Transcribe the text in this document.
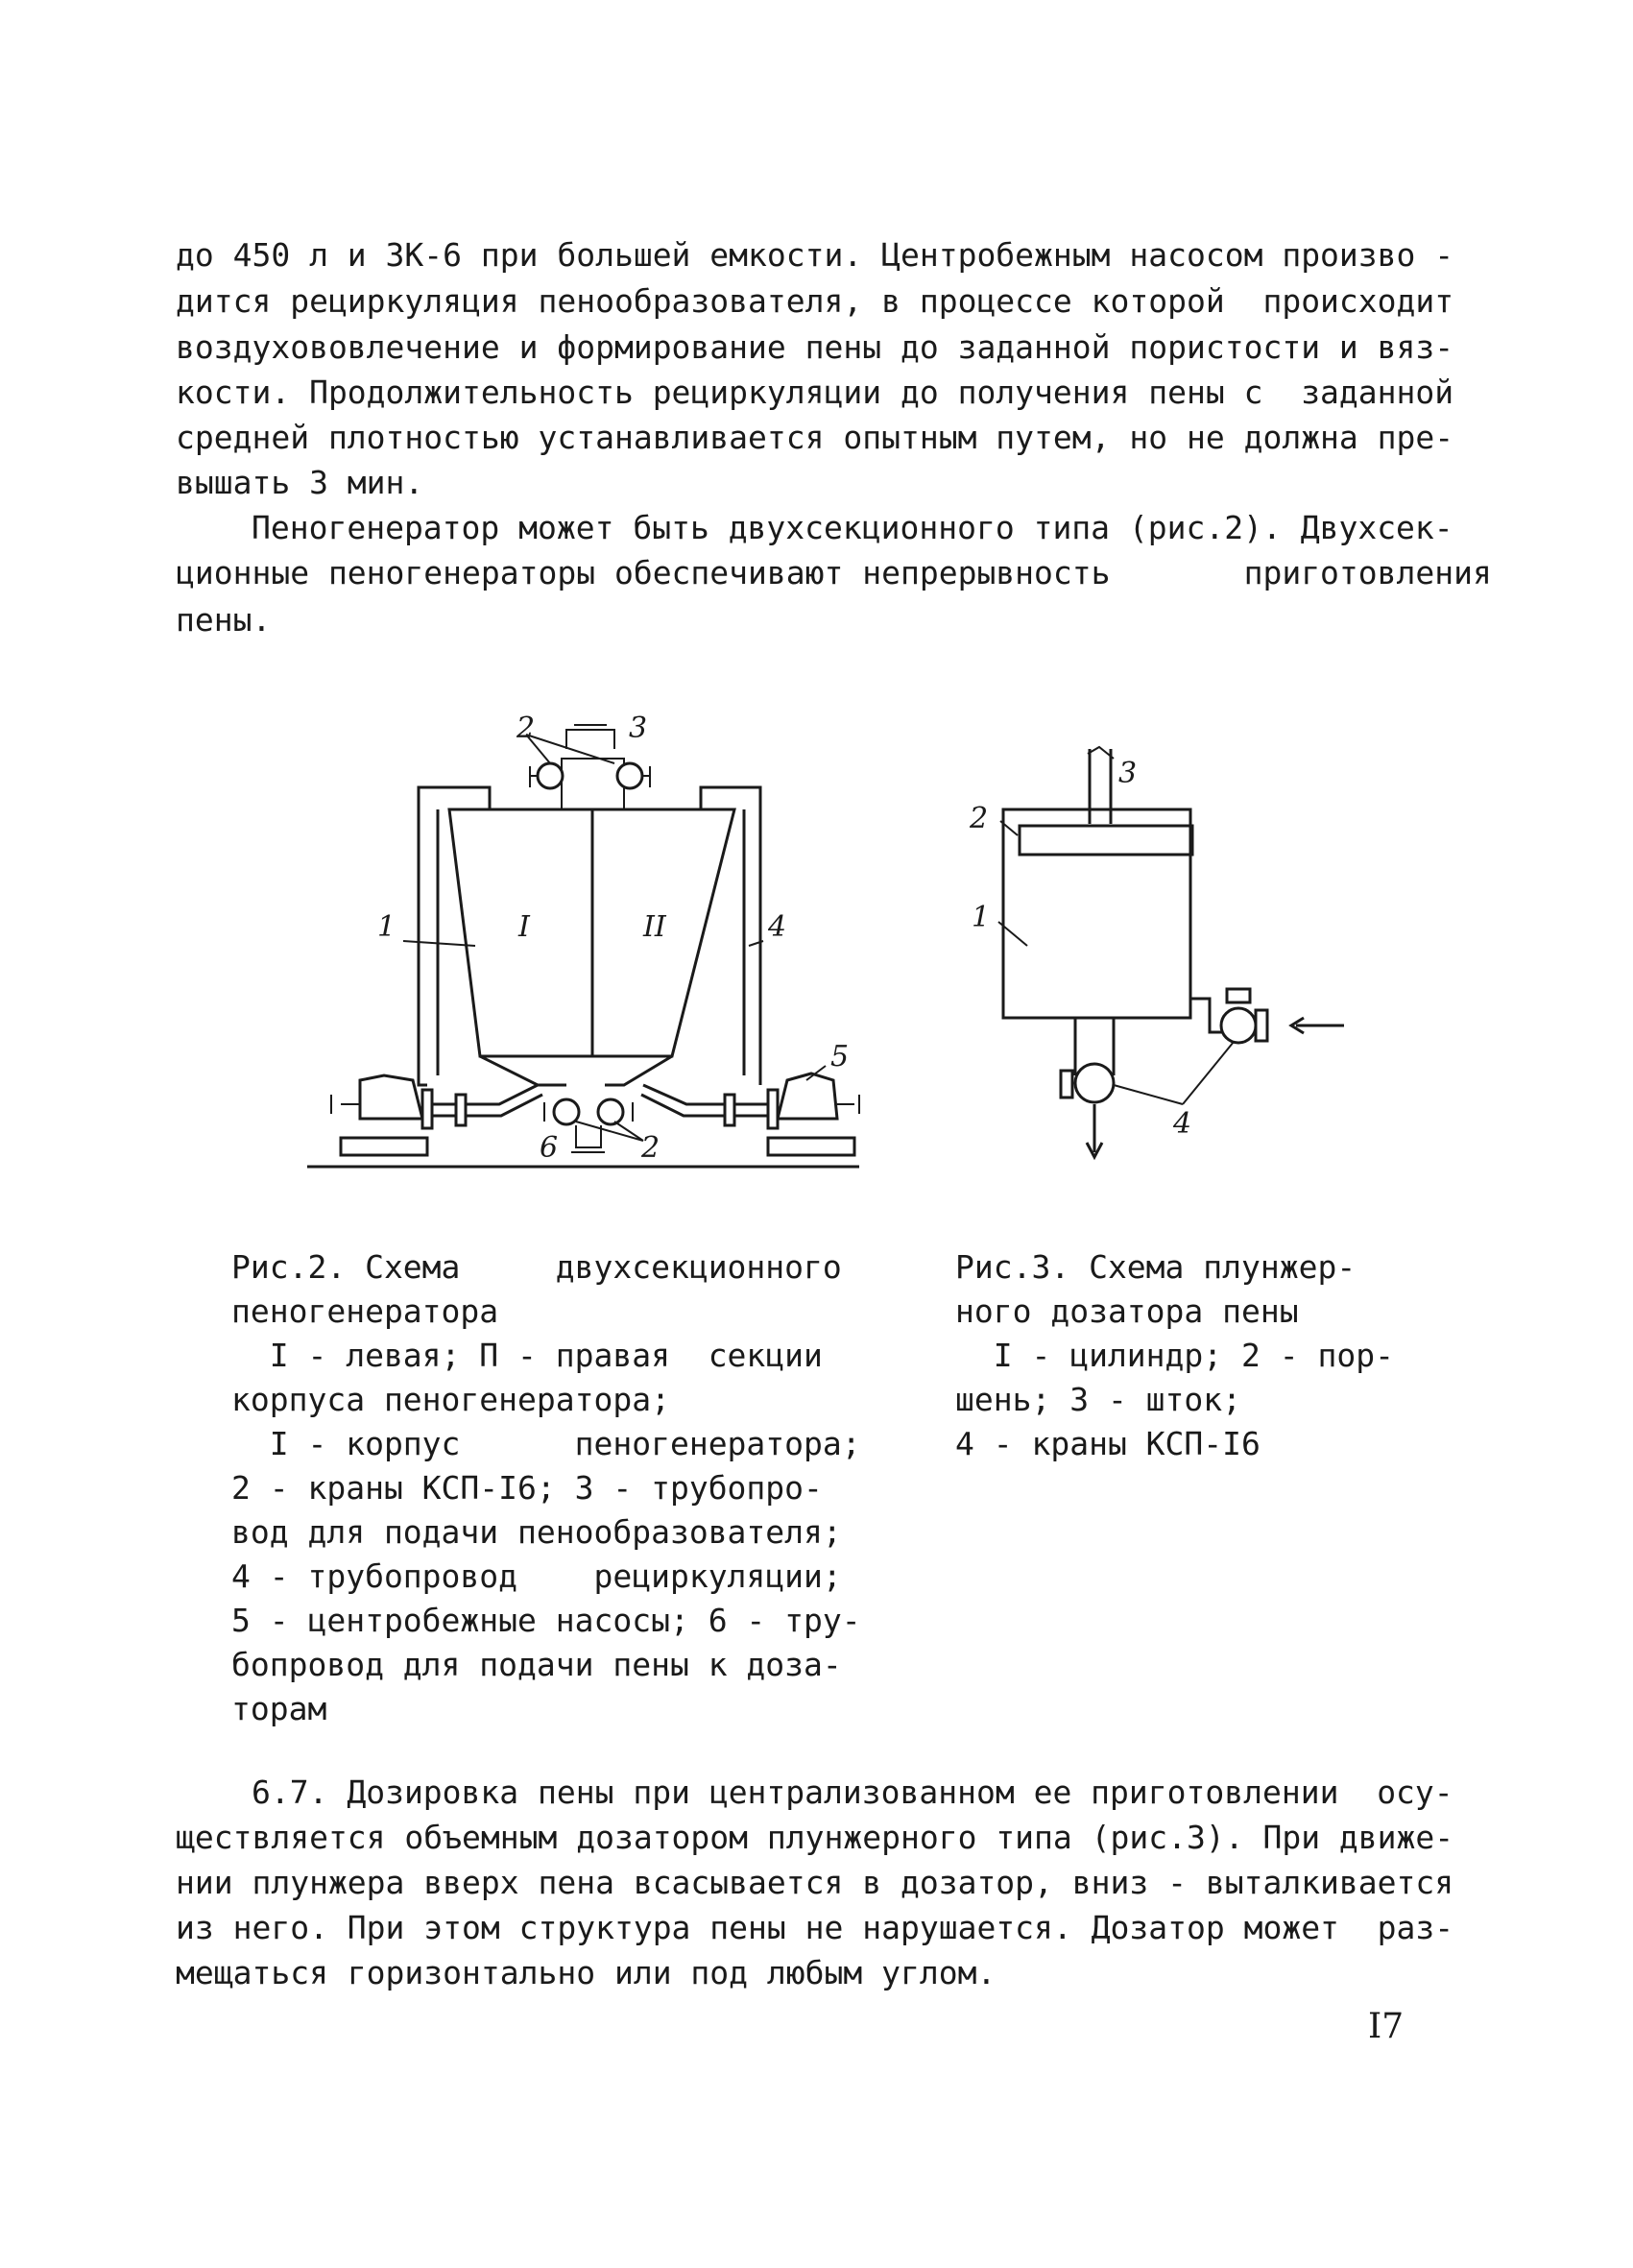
до 450 л и ЗК-6 при большей емкости. Центробежным насосом произво -
дится рециркуляция пенообразователя, в процессе которой  происходит
воздухововлечение и формирование пены до заданной пористости и вяз-
кости. Продолжительность рециркуляции до получения пены с  заданной
средней плотностью устанавливается опытным путем, но не должна пре-
вышать 3 мин.
Пеногенератор может быть двухсекционного типа (рис.2). Двухсек-
ционные пеногенераторы обеспечивают непрерывность       приготовления
пены.
2	3
1	I	II	4
5
6	2
3
2
1
4
Рис.2. Схема     двухсекционного
пеногенератора
I - левая; П - правая  секции
корпуса пеногенератора;
I - корпус      пеногенератора;
2 - краны КСП-I6; 3 - трубопро-
вод для подачи пенообразователя;
4 - трубопровод    рециркуляции;
5 - центробежные насосы; 6 - тру-
бопровод для подачи пены к доза-
торам
Рис.3. Схема плунжер-
ного дозатора пены
I - цилиндр; 2 - пор-
шень; 3 - шток;
4 - краны КСП-I6
6.7. Дозировка пены при централизованном ее приготовлении  осу-
ществляется объемным дозатором плунжерного типа (рис.3). При движе-
нии плунжера вверх пена всасывается в дозатор, вниз - выталкивается
из него. При этом структура пены не нарушается. Дозатор может  раз-
мещаться горизонтально или под любым углом.
I7
